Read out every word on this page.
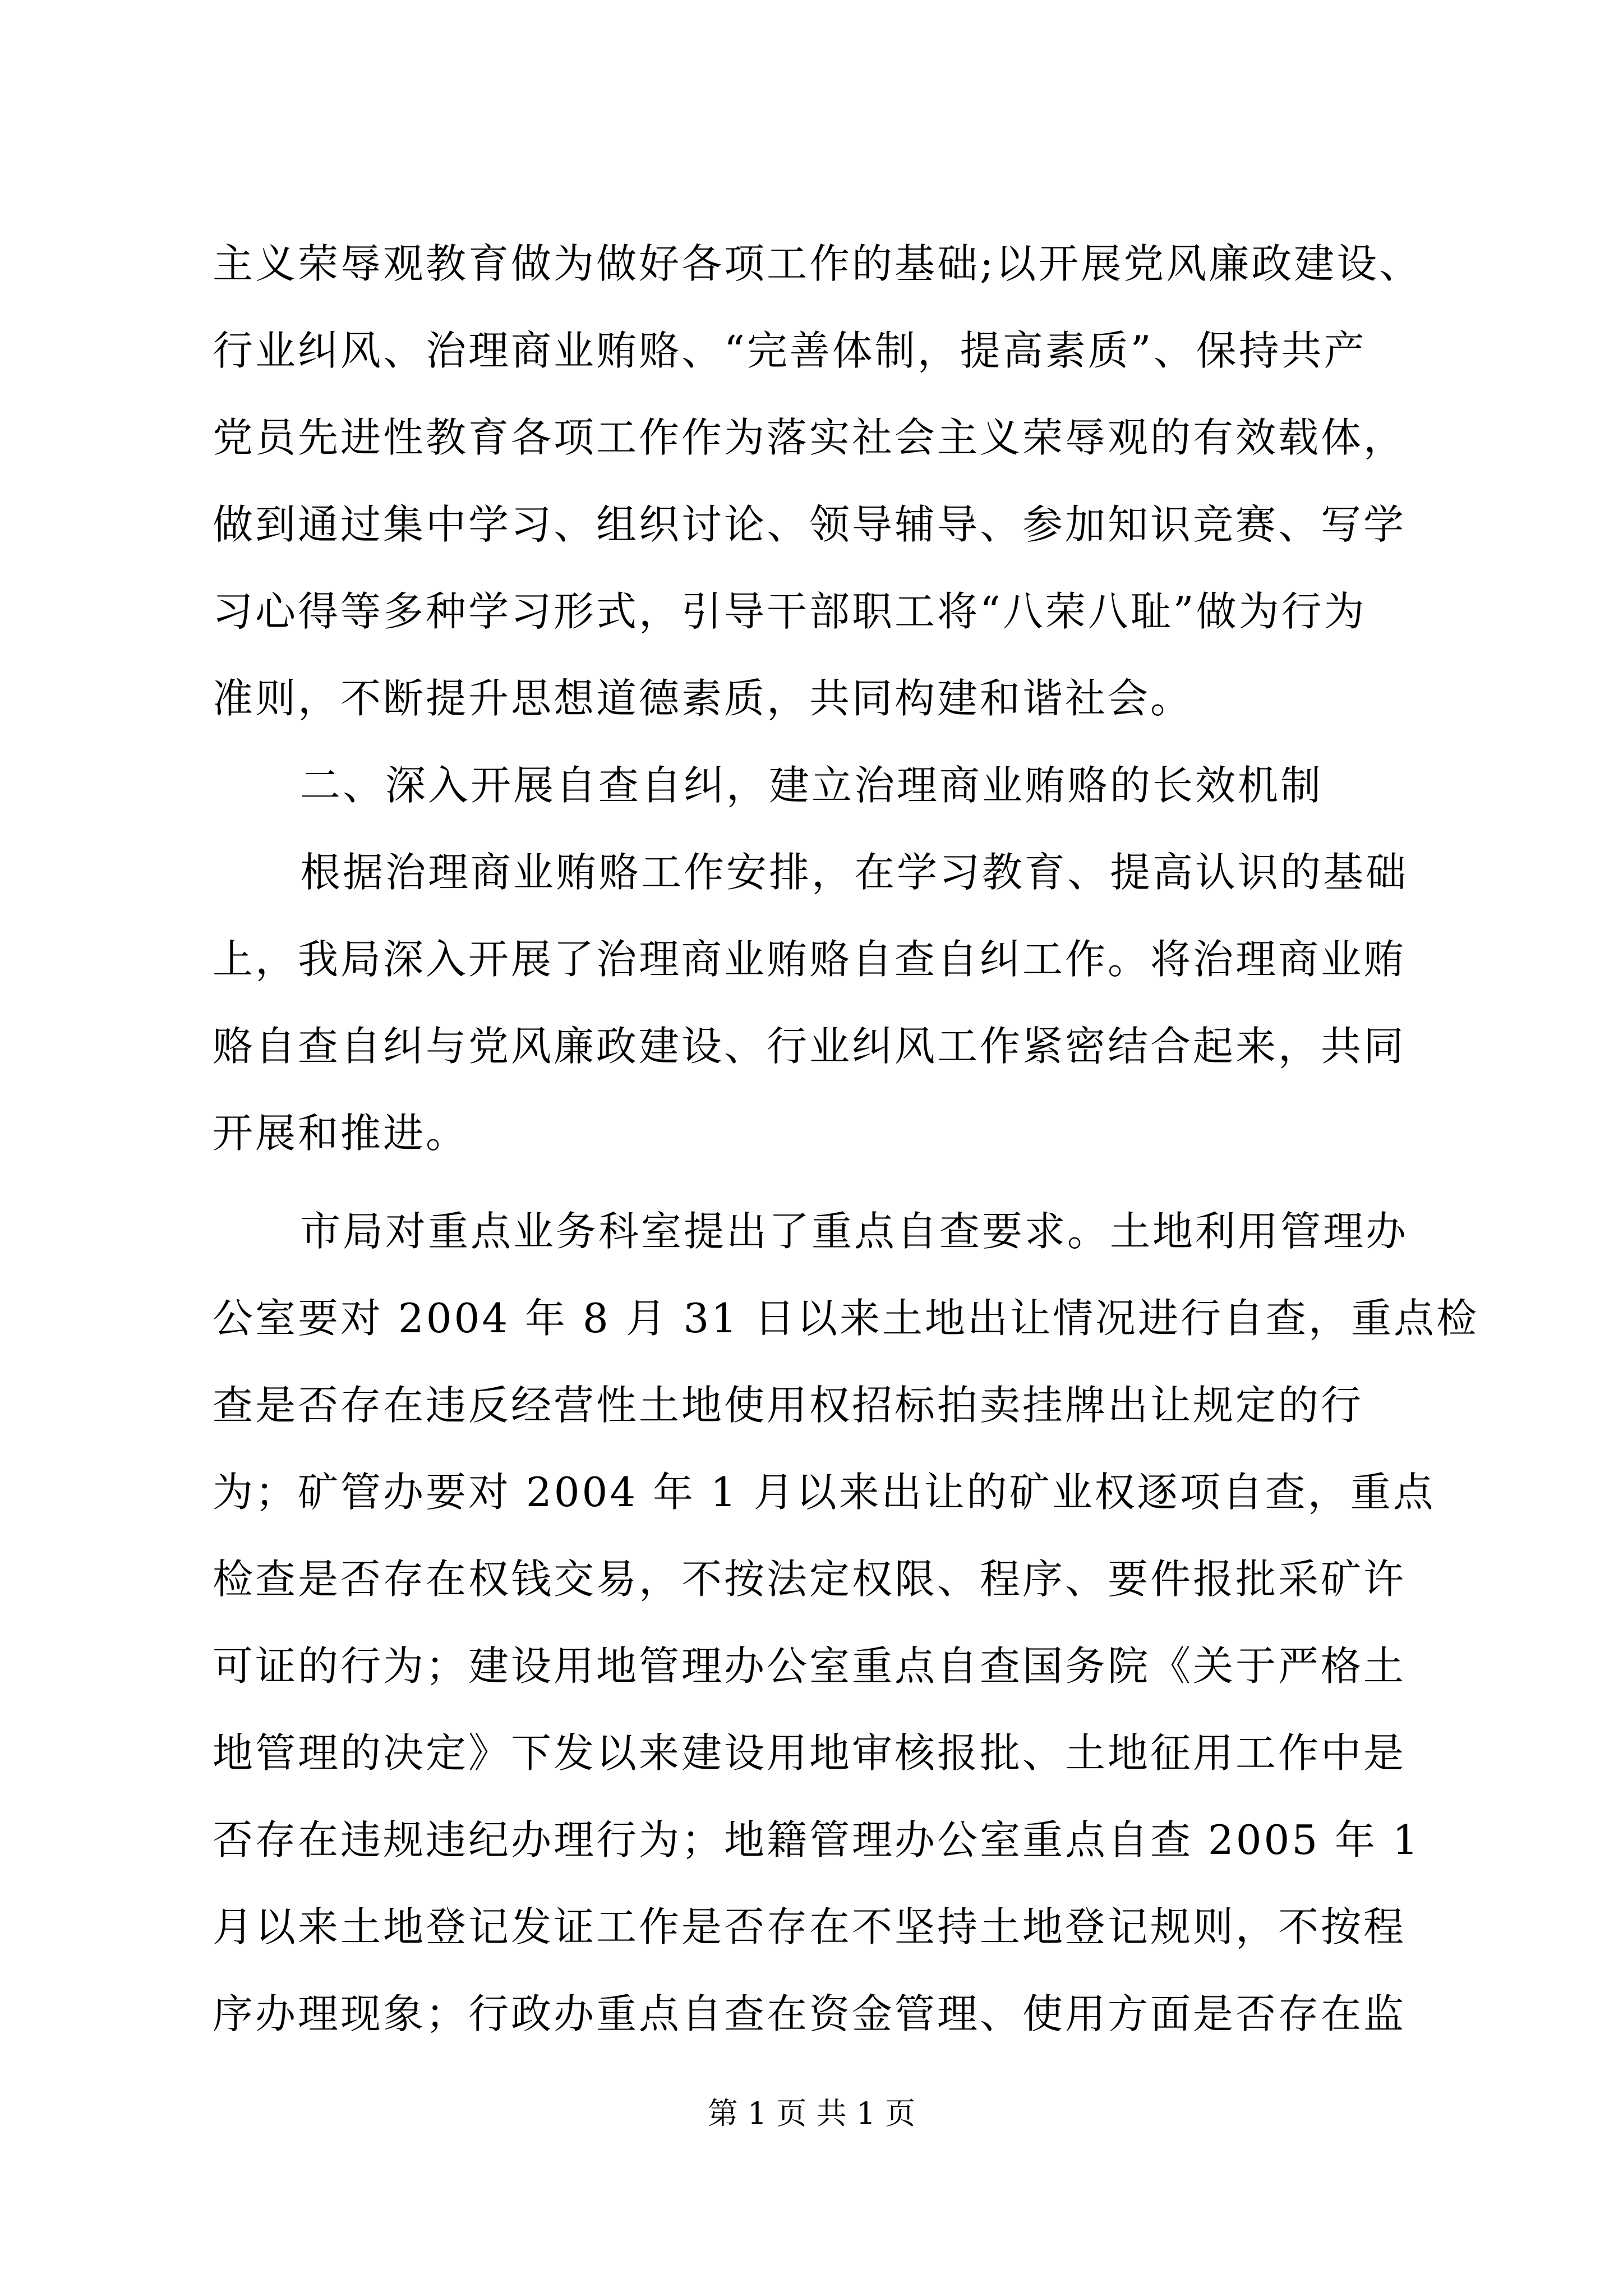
主义荣辱观教育做为做好各项工作的基础;以开展党风廉政建设、
行业纠风、治理商业贿赂、“完善体制，提高素质”、保持共产
党员先进性教育各项工作作为落实社会主义荣辱观的有效载体，
做到通过集中学习、组织讨论、领导辅导、参加知识竞赛、写学
习心得等多种学习形式，引导干部职工将“八荣八耻”做为行为
准则，不断提升思想道德素质，共同构建和谐社会。
二、深入开展自查自纠，建立治理商业贿赂的长效机制
根据治理商业贿赂工作安排，在学习教育、提高认识的基础
上，我局深入开展了治理商业贿赂自查自纠工作。将治理商业贿
赂自查自纠与党风廉政建设、行业纠风工作紧密结合起来，共同
开展和推进。
市局对重点业务科室提出了重点自查要求。土地利用管理办
公室要对 2004 年 8 月 31 日以来土地出让情况进行自查，重点检
查是否存在违反经营性土地使用权招标拍卖挂牌出让规定的行
为；矿管办要对 2004 年 1 月以来出让的矿业权逐项自查，重点
检查是否存在权钱交易，不按法定权限、程序、要件报批采矿许
可证的行为；建设用地管理办公室重点自查国务院《关于严格土
地管理的决定》下发以来建设用地审核报批、土地征用工作中是
否存在违规违纪办理行为；地籍管理办公室重点自查 2005 年 1
月以来土地登记发证工作是否存在不坚持土地登记规则，不按程
序办理现象；行政办重点自查在资金管理、使用方面是否存在监
第 1 页 共 1 页
